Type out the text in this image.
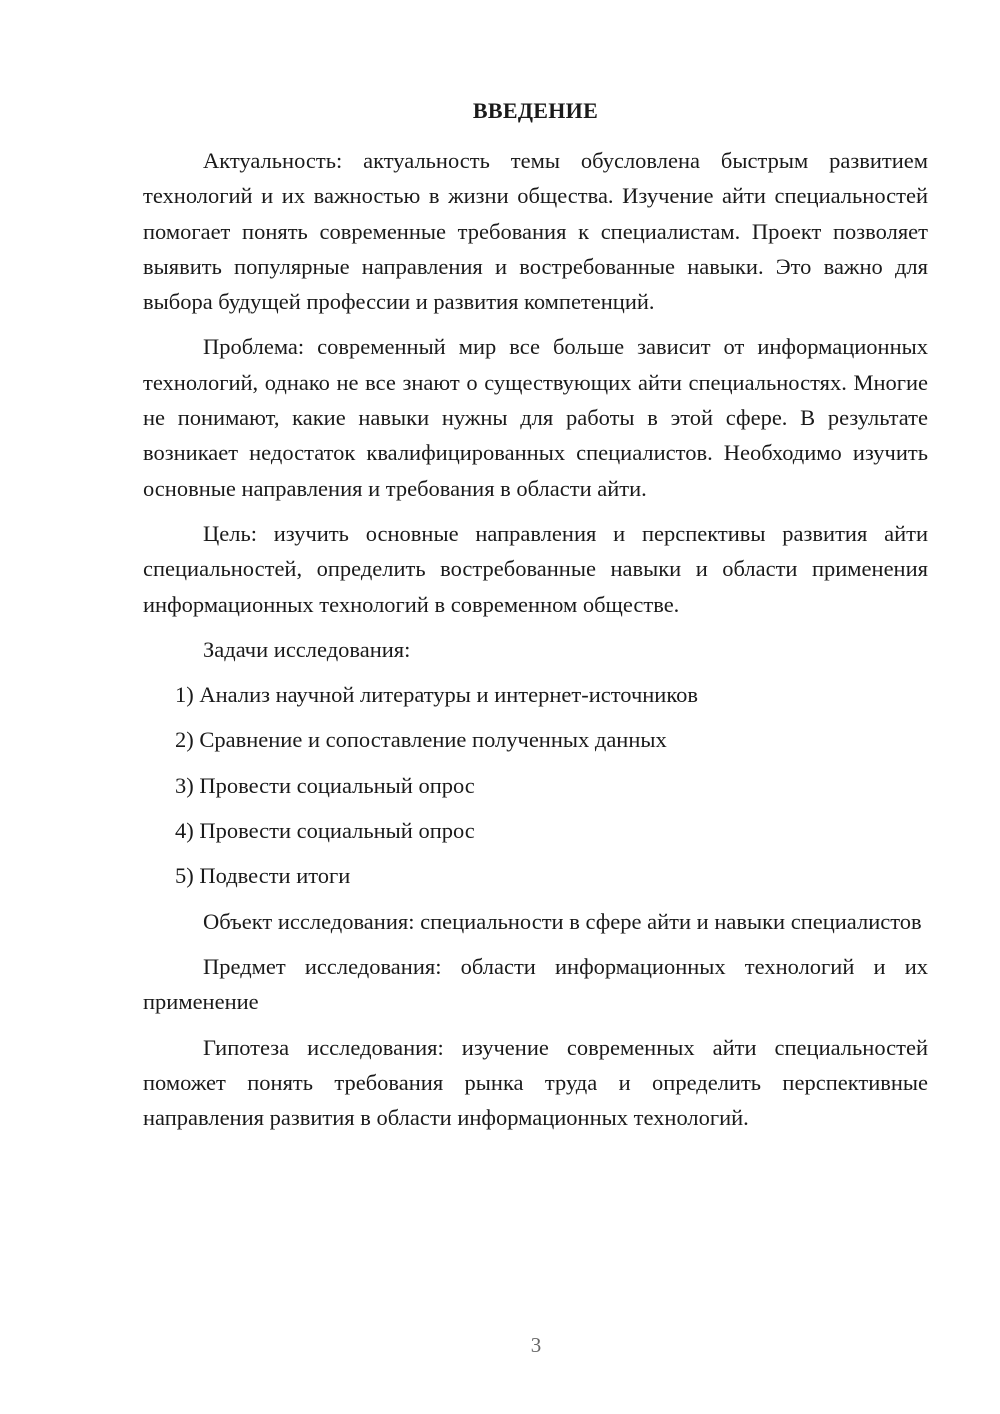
ВВЕДЕНИЕ

Актуальность: актуальность темы обусловлена быстрым развитием технологий и их важностью в жизни общества. Изучение айти специальностей помогает понять современные требования к специалистам. Проект позволяет выявить популярные направления и востребованные навыки. Это важно для выбора будущей профессии и развития компетенций.

Проблема: современный мир все больше зависит от информационных технологий, однако не все знают о существующих айти специальностях. Многие не понимают, какие навыки нужны для работы в этой сфере. В результате возникает недостаток квалифицированных специалистов. Необходимо изучить основные направления и требования в области айти.

Цель: изучить основные направления и перспективы развития айти специальностей, определить востребованные навыки и области применения информационных технологий в современном обществе.

Задачи исследования:

1) Анализ научной литературы и интернет-источников

2) Сравнение и сопоставление полученных данных

3) Провести социальный опрос

4) Провести социальный опрос

5) Подвести итоги

Объект исследования: специальности в сфере айти и навыки специалистов

Предмет исследования: области информационных технологий и их применение

Гипотеза исследования: изучение современных айти специальностей поможет понять требования рынка труда и определить перспективные направления развития в области информационных технологий.

3
